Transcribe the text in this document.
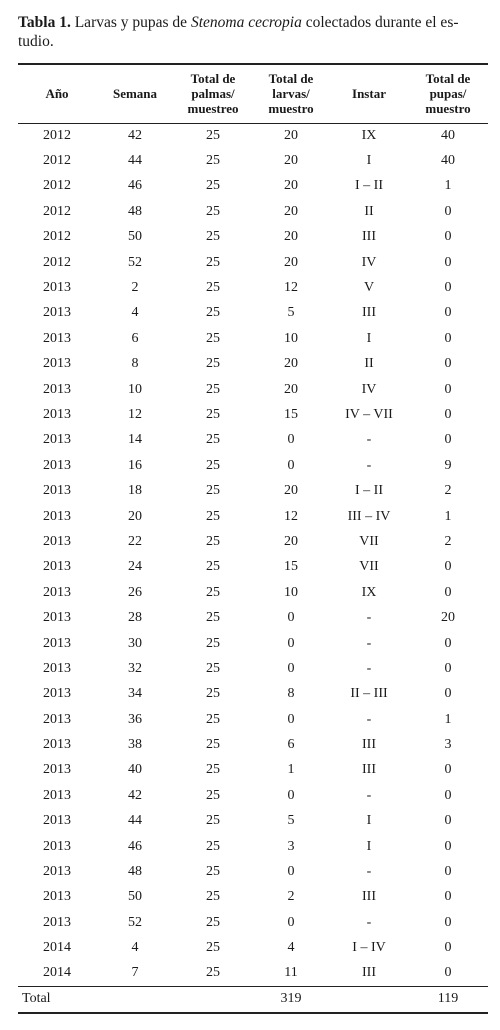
Tabla 1. Larvas y pupas de Stenoma cecropia colectados durante el es-
tudio.
Año	Semana	Total de palmas/ muestreo	Total de larvas/ muestro	Instar	Total de pupas/ muestro
2012	42	25	20	IX	40
2012	44	25	20	I	40
2012	46	25	20	I – II	1
2012	48	25	20	II	0
2012	50	25	20	III	0
2012	52	25	20	IV	0
2013	2	25	12	V	0
2013	4	25	5	III	0
2013	6	25	10	I	0
2013	8	25	20	II	0
2013	10	25	20	IV	0
2013	12	25	15	IV – VII	0
2013	14	25	0	-	0
2013	16	25	0	-	9
2013	18	25	20	I – II	2
2013	20	25	12	III – IV	1
2013	22	25	20	VII	2
2013	24	25	15	VII	0
2013	26	25	10	IX	0
2013	28	25	0	-	20
2013	30	25	0	-	0
2013	32	25	0	-	0
2013	34	25	8	II – III	0
2013	36	25	0	-	1
2013	38	25	6	III	3
2013	40	25	1	III	0
2013	42	25	0	-	0
2013	44	25	5	I	0
2013	46	25	3	I	0
2013	48	25	0	-	0
2013	50	25	2	III	0
2013	52	25	0	-	0
2014	4	25	4	I – IV	0
2014	7	25	11	III	0
Total			319		119
